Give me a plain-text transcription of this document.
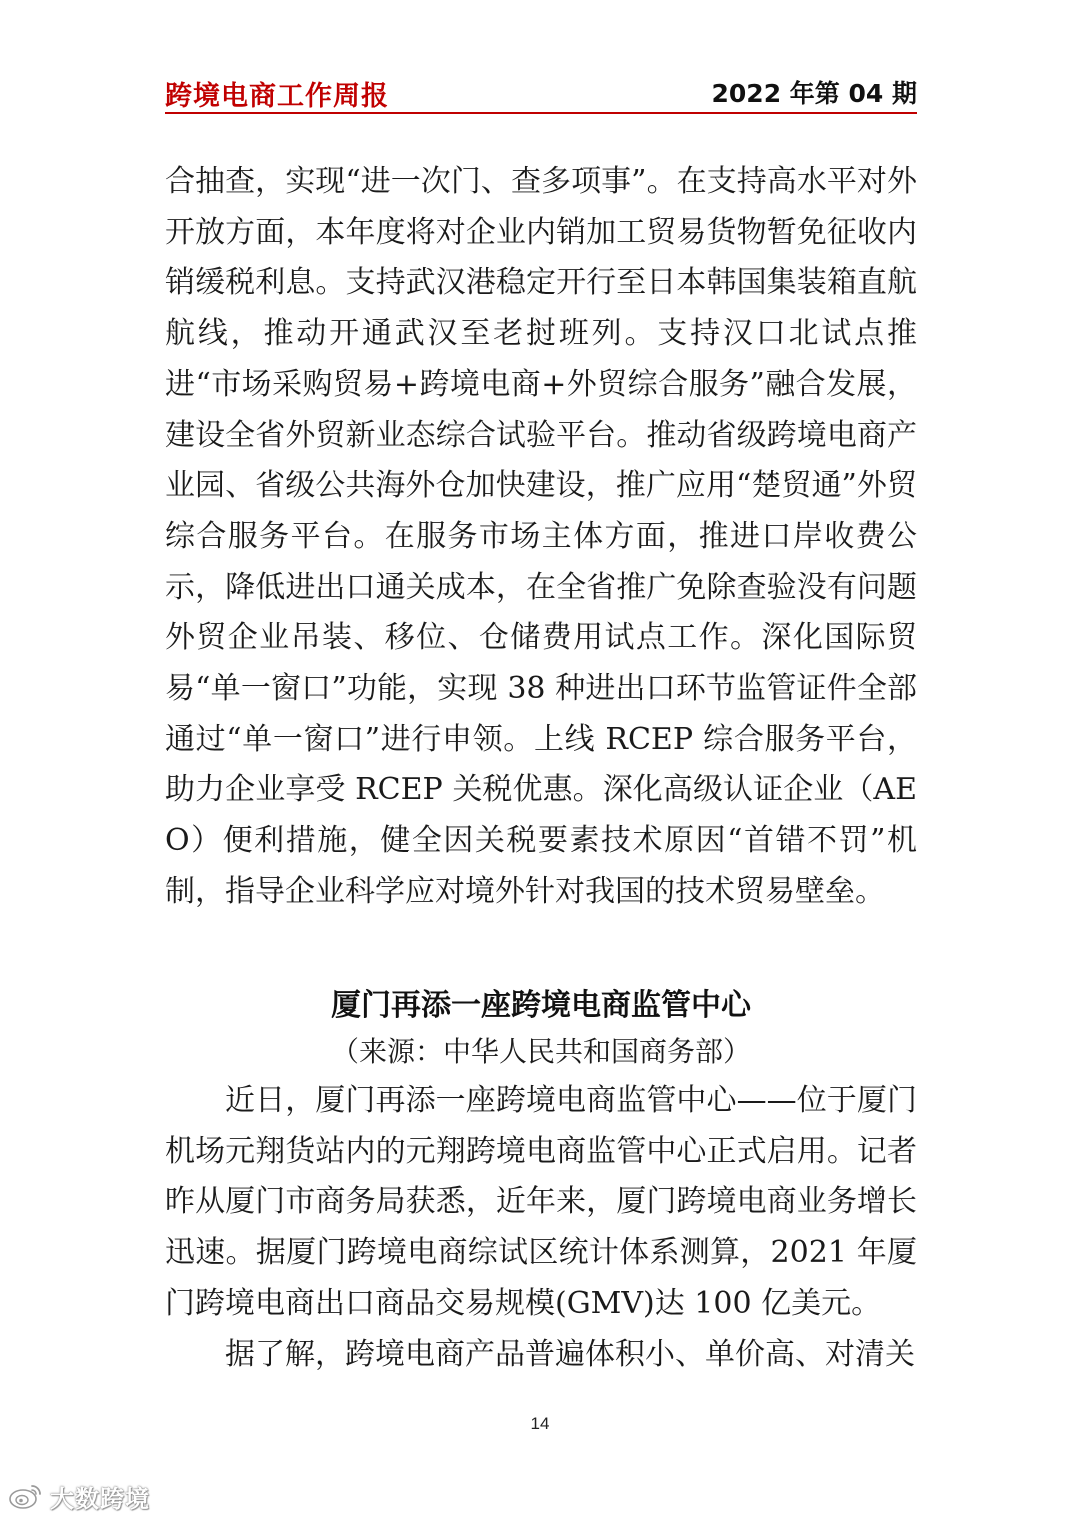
跨境电商工作周报	2022 年第 04 期
合抽查，实现“进一次门、查多项事”。在支持高水平对外开放方面，本年度将对企业内销加工贸易货物暂免征收内销缓税利息。支持武汉港稳定开行至日本韩国集装箱直航航线，推动开通武汉至老挝班列。支持汉口北试点推进“市场采购贸易+跨境电商+外贸综合服务”融合发展，建设全省外贸新业态综合试验平台。推动省级跨境电商产业园、省级公共海外仓加快建设，推广应用“楚贸通”外贸综合服务平台。在服务市场主体方面，推进口岸收费公示，降低进出口通关成本，在全省推广免除查验没有问题外贸企业吊装、移位、仓储费用试点工作。深化国际贸易“单一窗口”功能，实现 38 种进出口环节监管证件全部通过“单一窗口”进行申领。上线 RCEP 综合服务平台，助力企业享受 RCEP 关税优惠。深化高级认证企业（AEO）便利措施，健全因关税要素技术原因“首错不罚”机制，指导企业科学应对境外针对我国的技术贸易壁垒。
厦门再添一座跨境电商监管中心
（来源：中华人民共和国商务部）
近日，厦门再添一座跨境电商监管中心——位于厦门机场元翔货站内的元翔跨境电商监管中心正式启用。记者昨从厦门市商务局获悉，近年来，厦门跨境电商业务增长迅速。据厦门跨境电商综试区统计体系测算，2021 年厦门跨境电商出口商品交易规模(GMV)达 100 亿美元。
据了解，跨境电商产品普遍体积小、单价高、对清关
14
大数跨境
